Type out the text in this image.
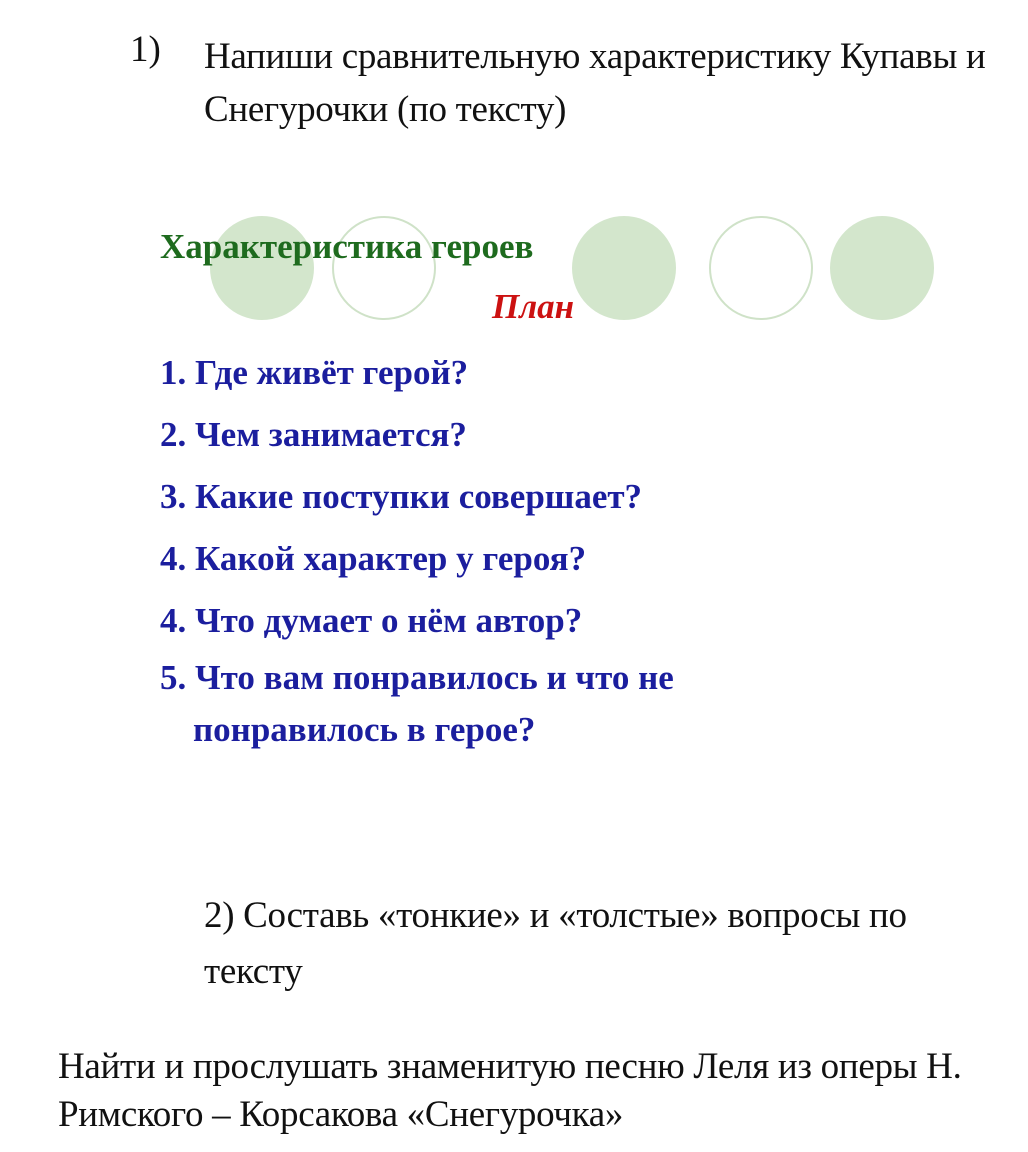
1) Напиши сравнительную характеристику Купавы и Снегурочки (по тексту)
Характеристика героев
План
1. Где живёт герой?
2. Чем занимается?
3. Какие поступки совершает?
4. Какой характер у героя?
4. Что думает о нём автор?
5. Что вам понравилось и что не
понравилось в герое?
2) Составь «тонкие» и «толстые» вопросы по тексту
Найти и прослушать знаменитую песню Леля из оперы Н. Римского – Корсакова «Снегурочка»
